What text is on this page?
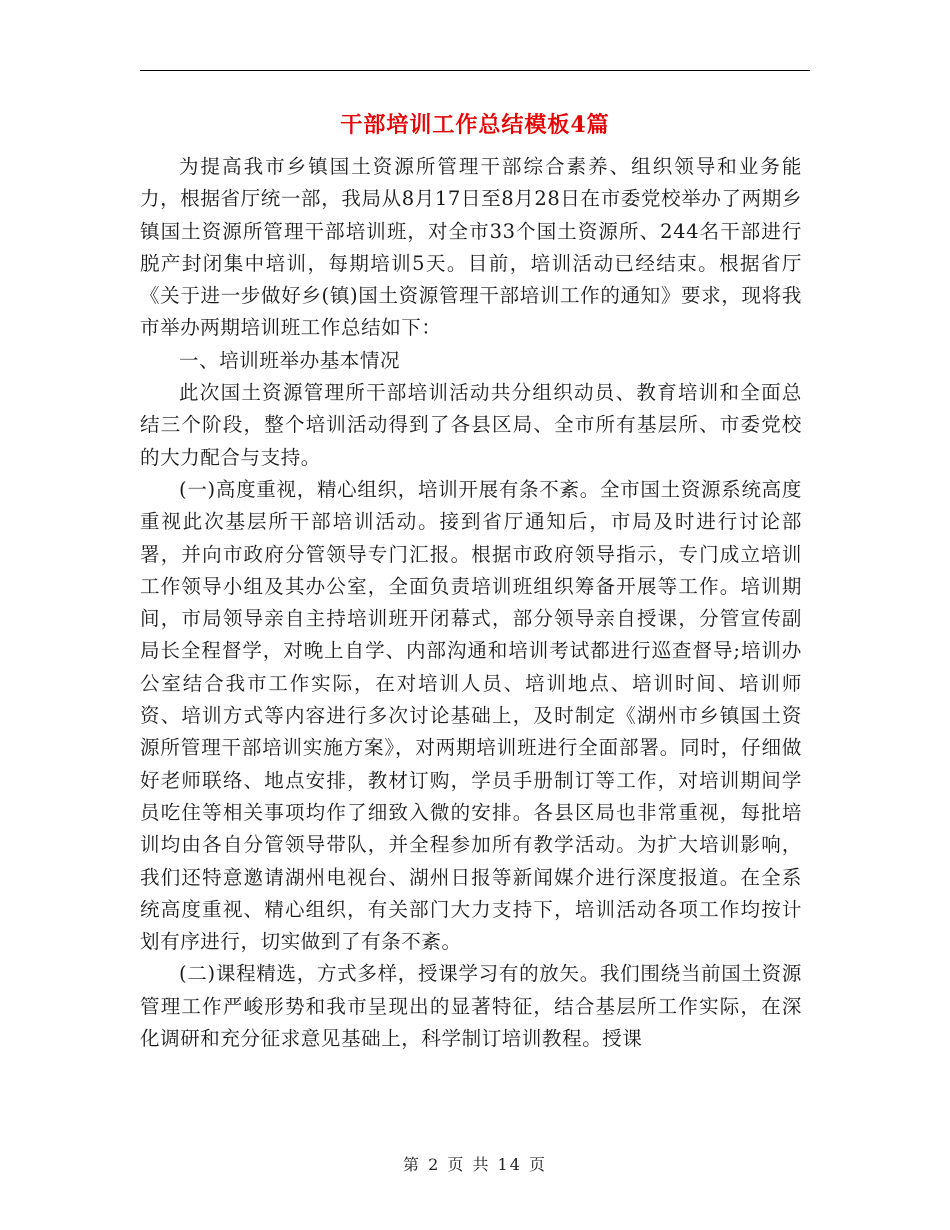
干部培训工作总结模板4篇

为提高我市乡镇国土资源所管理干部综合素养、组织领导和业务能力，根据省厅统一部，我局从8月17日至8月28日在市委党校举办了两期乡镇国土资源所管理干部培训班，对全市33个国土资源所、244名干部进行脱产封闭集中培训，每期培训5天。目前，培训活动已经结束。根据省厅《关于进一步做好乡(镇)国土资源管理干部培训工作的通知》要求，现将我市举办两期培训班工作总结如下：

一、培训班举办基本情况

此次国土资源管理所干部培训活动共分组织动员、教育培训和全面总结三个阶段，整个培训活动得到了各县区局、全市所有基层所、市委党校的大力配合与支持。

(一)高度重视，精心组织，培训开展有条不紊。全市国土资源系统高度重视此次基层所干部培训活动。接到省厅通知后，市局及时进行讨论部署，并向市政府分管领导专门汇报。根据市政府领导指示，专门成立培训工作领导小组及其办公室，全面负责培训班组织筹备开展等工作。培训期间，市局领导亲自主持培训班开闭幕式，部分领导亲自授课，分管宣传副局长全程督学，对晚上自学、内部沟通和培训考试都进行巡查督导;培训办公室结合我市工作实际，在对培训人员、培训地点、培训时间、培训师资、培训方式等内容进行多次讨论基础上，及时制定《湖州市乡镇国土资源所管理干部培训实施方案》，对两期培训班进行全面部署。同时，仔细做好老师联络、地点安排，教材订购，学员手册制订等工作，对培训期间学员吃住等相关事项均作了细致入微的安排。各县区局也非常重视，每批培训均由各自分管领导带队，并全程参加所有教学活动。为扩大培训影响，我们还特意邀请湖州电视台、湖州日报等新闻媒介进行深度报道。在全系统高度重视、精心组织，有关部门大力支持下，培训活动各项工作均按计划有序进行，切实做到了有条不紊。

(二)课程精选，方式多样，授课学习有的放矢。我们围绕当前国土资源管理工作严峻形势和我市呈现出的显著特征，结合基层所工作实际，在深化调研和充分征求意见基础上，科学制订培训教程。授课

第 2 页 共 14 页
